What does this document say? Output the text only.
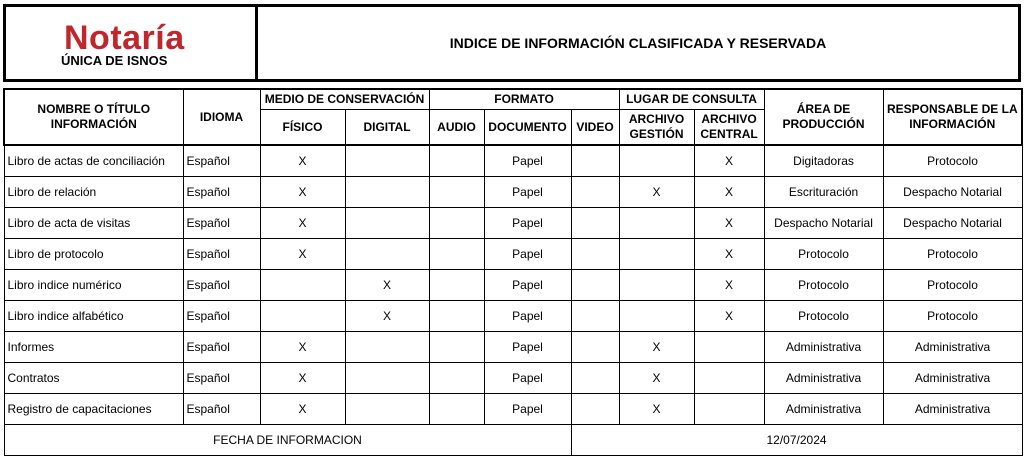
Notaría
ÚNICA DE ISNOS
INDICE DE INFORMACIÓN CLASIFICADA Y RESERVADA
NOMBRE O TÍTULO INFORMACIÓN	IDIOMA	MEDIO DE CONSERVACIÓN		FORMATO			LUGAR DE CONSULTA		ÁREA DE PRODUCCIÓN	RESPONSABLE DE LA INFORMACIÓN
		FÍSICO	DIGITAL	AUDIO	DOCUMENTO	VIDEO	ARCHIVO GESTIÓN	ARCHIVO CENTRAL		
Libro de actas de conciliación	Español	X			Papel			X	Digitadoras	Protocolo
Libro de relación	Español	X			Papel		X	X	Escrituración	Despacho Notarial
Libro de acta de visitas	Español	X			Papel			X	Despacho Notarial	Despacho Notarial
Libro de protocolo	Español	X			Papel			X	Protocolo	Protocolo
Libro indice numérico	Español		X		Papel			X	Protocolo	Protocolo
Libro indice alfabético	Español		X		Papel			X	Protocolo	Protocolo
Informes	Español	X			Papel		X		Administrativa	Administrativa
Contratos	Español	X			Papel		X		Administrativa	Administrativa
Registro de capacitaciones	Español	X			Papel		X		Administrativa	Administrativa
FECHA DE INFORMACION						12/07/2024				
